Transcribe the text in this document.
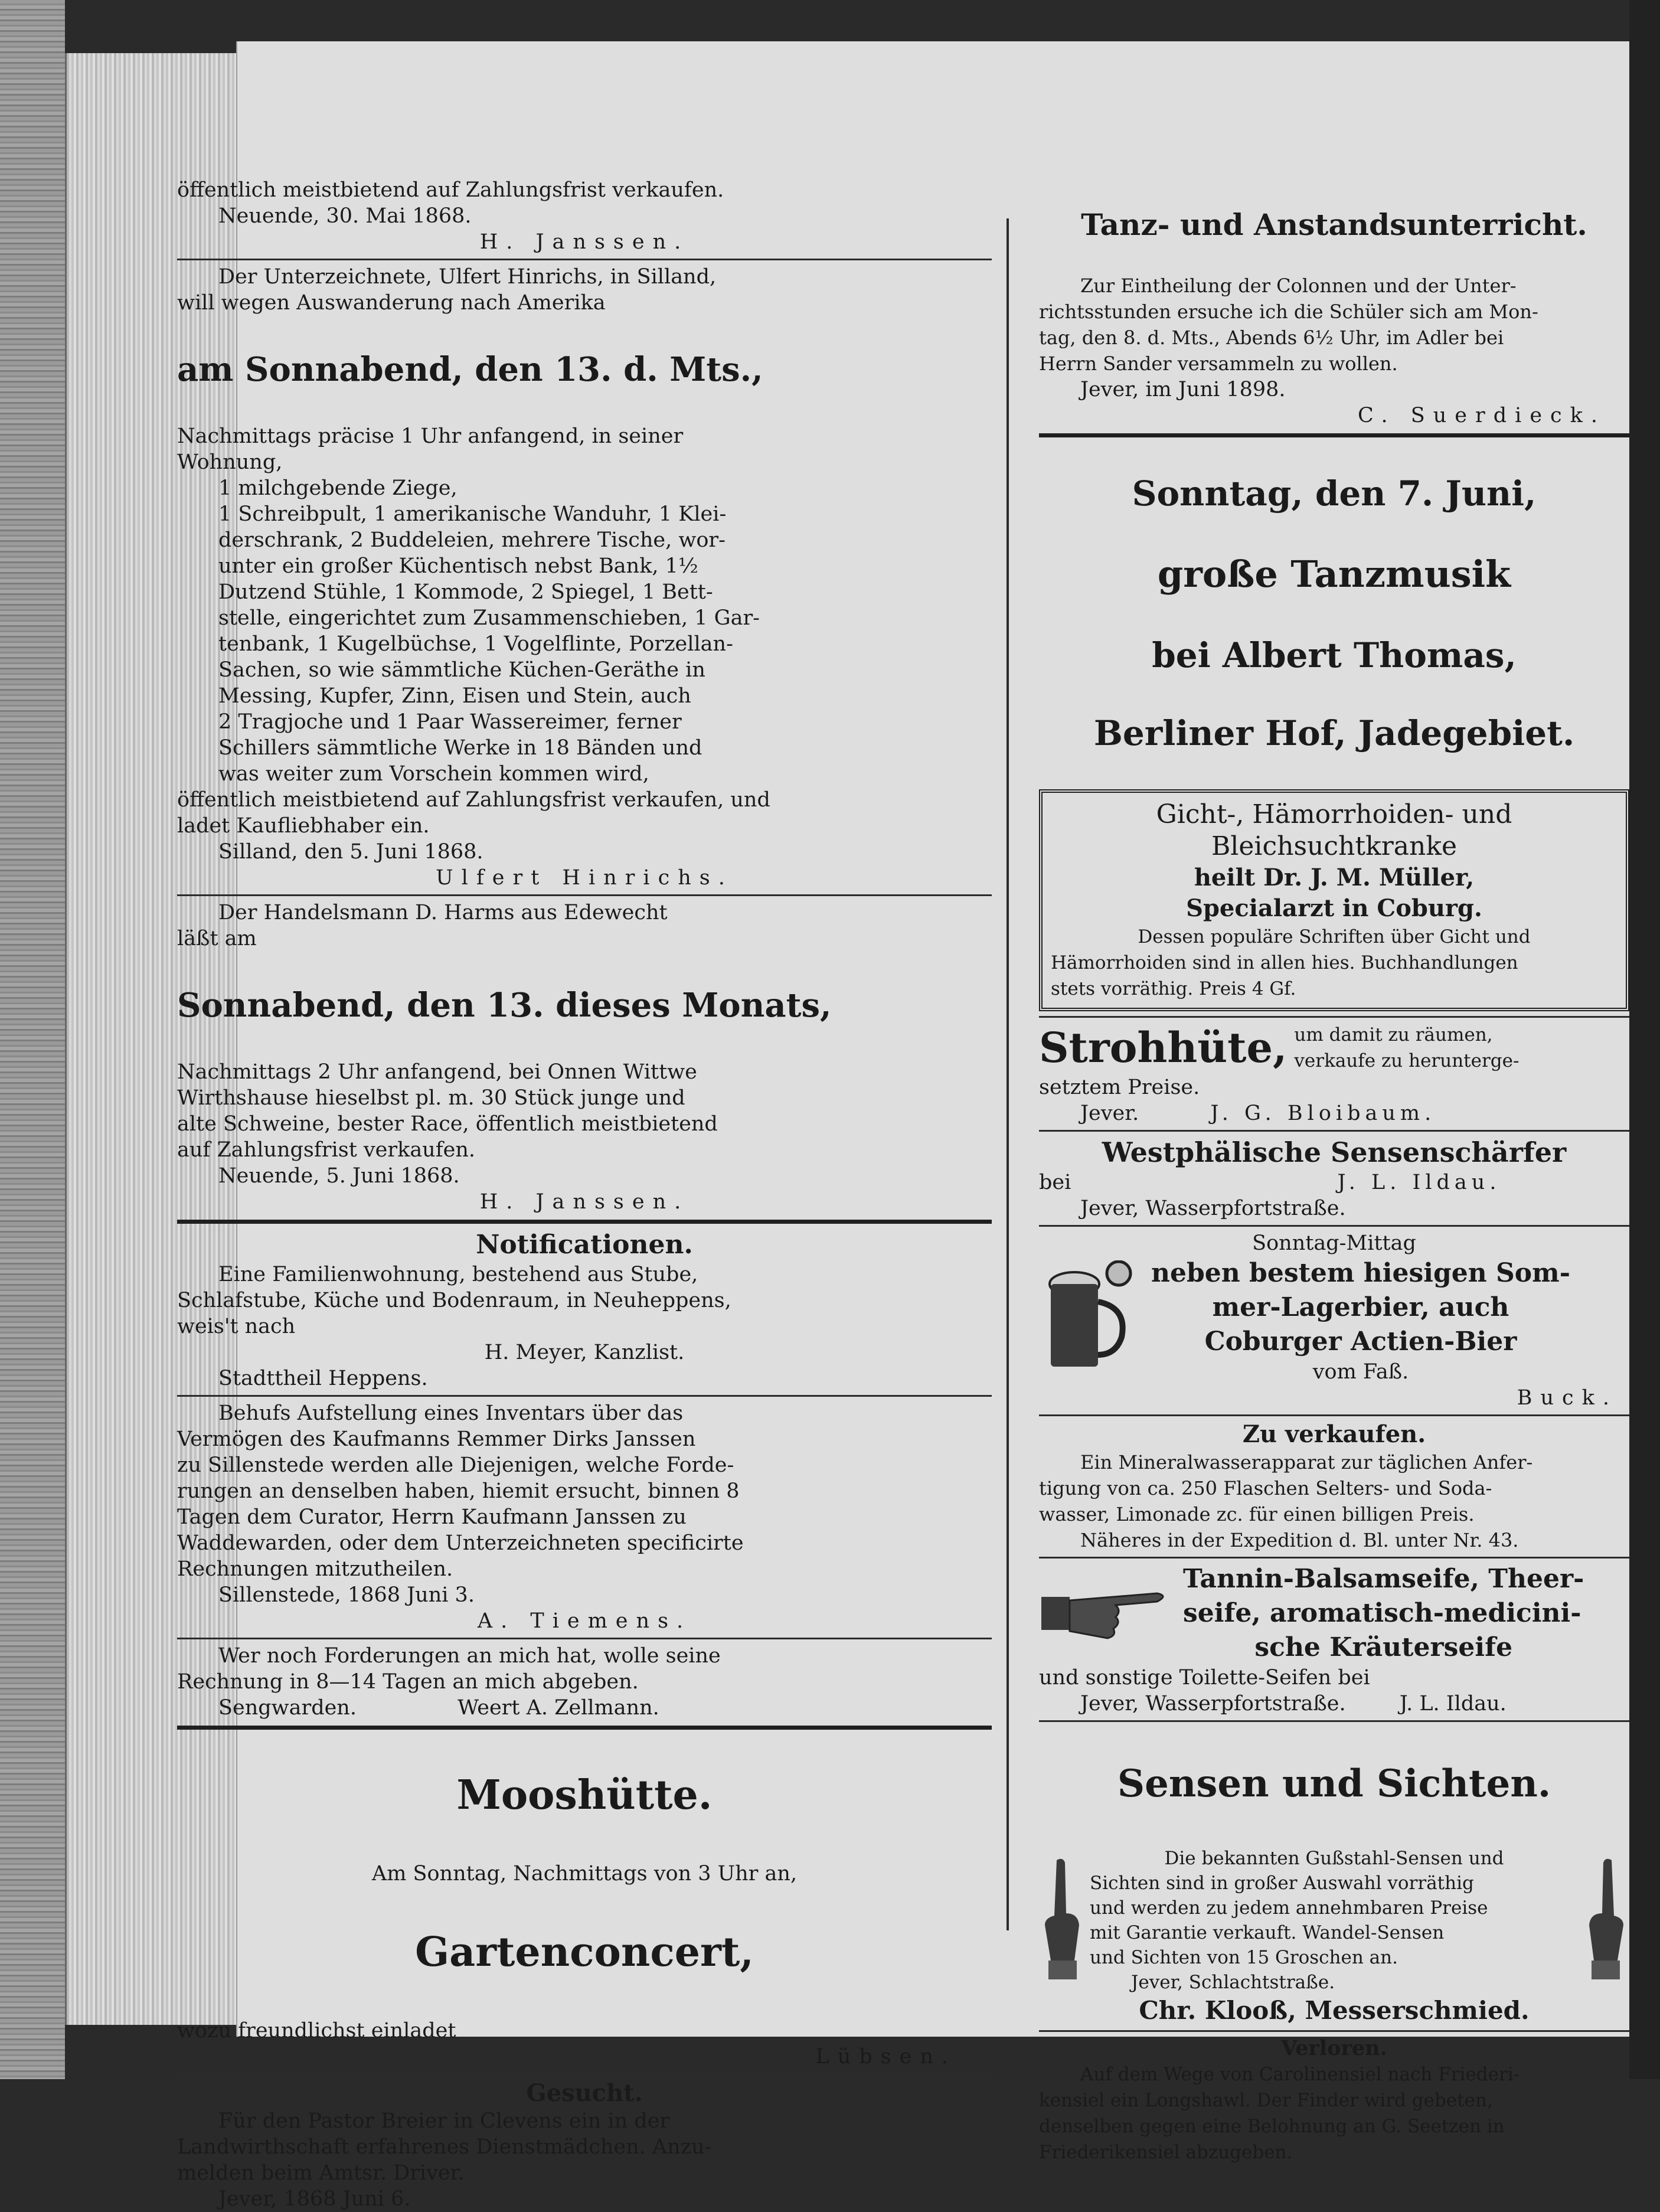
öffentlich meistbietend auf Zahlungsfrist verkaufen.

Neuende, 30. Mai 1868.

H. Janssen.

Der Unterzeichnete, Ulfert Hinrichs, in Silland,

will wegen Auswanderung nach Amerika

am Sonnabend, den 13. d. Mts.,

Nachmittags präcise 1 Uhr anfangend, in seiner

Wohnung,

1 milchgebende Ziege,

1 Schreibpult, 1 amerikanische Wanduhr, 1 Klei-

derschrank, 2 Buddeleien, mehrere Tische, wor-

unter ein großer Küchentisch nebst Bank, 1½

Dutzend Stühle, 1 Kommode, 2 Spiegel, 1 Bett-

stelle, eingerichtet zum Zusammenschieben, 1 Gar-

tenbank, 1 Kugelbüchse, 1 Vogelflinte, Porzellan-

Sachen, so wie sämmtliche Küchen-Geräthe in

Messing, Kupfer, Zinn, Eisen und Stein, auch

2 Tragjoche und 1 Paar Wassereimer, ferner

Schillers sämmtliche Werke in 18 Bänden und

was weiter zum Vorschein kommen wird,

öffentlich meistbietend auf Zahlungsfrist verkaufen, und

ladet Kaufliebhaber ein.

Silland, den 5. Juni 1868.

Ulfert Hinrichs.

Der Handelsmann D. Harms aus Edewecht

läßt am

Sonnabend, den 13. dieses Monats,

Nachmittags 2 Uhr anfangend, bei Onnen Wittwe

Wirthshause hieselbst pl. m. 30 Stück junge und

alte Schweine, bester Race, öffentlich meistbietend

auf Zahlungsfrist verkaufen.

Neuende, 5. Juni 1868.

H. Janssen.

Notificationen.

Eine Familienwohnung, bestehend aus Stube,

Schlafstube, Küche und Bodenraum, in Neuheppens,

weis't nach

H. Meyer, Kanzlist.

Stadttheil Heppens.

Behufs Aufstellung eines Inventars über das

Vermögen des Kaufmanns Remmer Dirks Janssen

zu Sillenstede werden alle Diejenigen, welche Forde-

rungen an denselben haben, hiemit ersucht, binnen 8

Tagen dem Curator, Herrn Kaufmann Janssen zu

Waddewarden, oder dem Unterzeichneten specificirte

Rechnungen mitzutheilen.

Sillenstede, 1868 Juni 3.

A. Tiemens.

Wer noch Forderungen an mich hat, wolle seine

Rechnung in 8—14 Tagen an mich abgeben.

Sengwarden.	Weert A. Zellmann.

Mooshütte.

Am Sonntag, Nachmittags von 3 Uhr an,

Gartenconcert,

wozu freundlichst einladet

Lübsen.

Gesucht.

Für den Pastor Breier in Clevens ein in der

Landwirthschaft erfahrenes Dienstmädchen. Anzu-

melden beim Amtsr. Driver.

Jever, 1868 Juni 6.

Tanz- und Anstandsunterricht.

Zur Eintheilung der Colonnen und der Unter-

richtsstunden ersuche ich die Schüler sich am Mon-

tag, den 8. d. Mts., Abends 6½ Uhr, im Adler bei

Herrn Sander versammeln zu wollen.

Jever, im Juni 1898.

C. Suerdieck.

Sonntag, den 7. Juni,

große Tanzmusik

bei Albert Thomas,

Berliner Hof, Jadegebiet.

Gicht-, Hämorrhoiden- und

Bleichsuchtkranke

heilt Dr. J. M. Müller,

Specialarzt in Coburg.

Dessen populäre Schriften über Gicht und

Hämorrhoiden sind in allen hies. Buchhandlungen

stets vorräthig. Preis 4 Gf.

Strohhüte, um damit zu räumen,

verkaufe zu herunterge-

setztem Preise.

Jever.	J. G. Bloibaum.

Westphälische Sensenschärfer

bei	J. L. Ildau.

Jever, Wasserpfortstraße.

Sonntag-Mittag

neben bestem hiesigen Som-

mer-Lagerbier, auch

Coburger Actien-Bier

vom Faß.

Buck.

Zu verkaufen.

Ein Mineralwasserapparat zur täglichen Anfer-

tigung von ca. 250 Flaschen Selters- und Soda-

wasser, Limonade zc. für einen billigen Preis.

Näheres in der Expedition d. Bl. unter Nr. 43.

Tannin-Balsamseife, Theer-

seife, aromatisch-medicini-

sche Kräuterseife

und sonstige Toilette-Seifen bei

Jever, Wasserpfortstraße.	J. L. Ildau.

Sensen und Sichten.

Die bekannten Gußstahl-Sensen und

Sichten sind in großer Auswahl vorräthig

und werden zu jedem annehmbaren Preise

mit Garantie verkauft. Wandel-Sensen

und Sichten von 15 Groschen an.

Jever, Schlachtstraße.

Chr. Klooß, Messerschmied.

Verloren.

Auf dem Wege von Carolinensiel nach Friederi-

kensiel ein Longshawl. Der Finder wird gebeten,

denselben gegen eine Belohnung an G. Seetzen in

Friederikensiel abzugeben.
